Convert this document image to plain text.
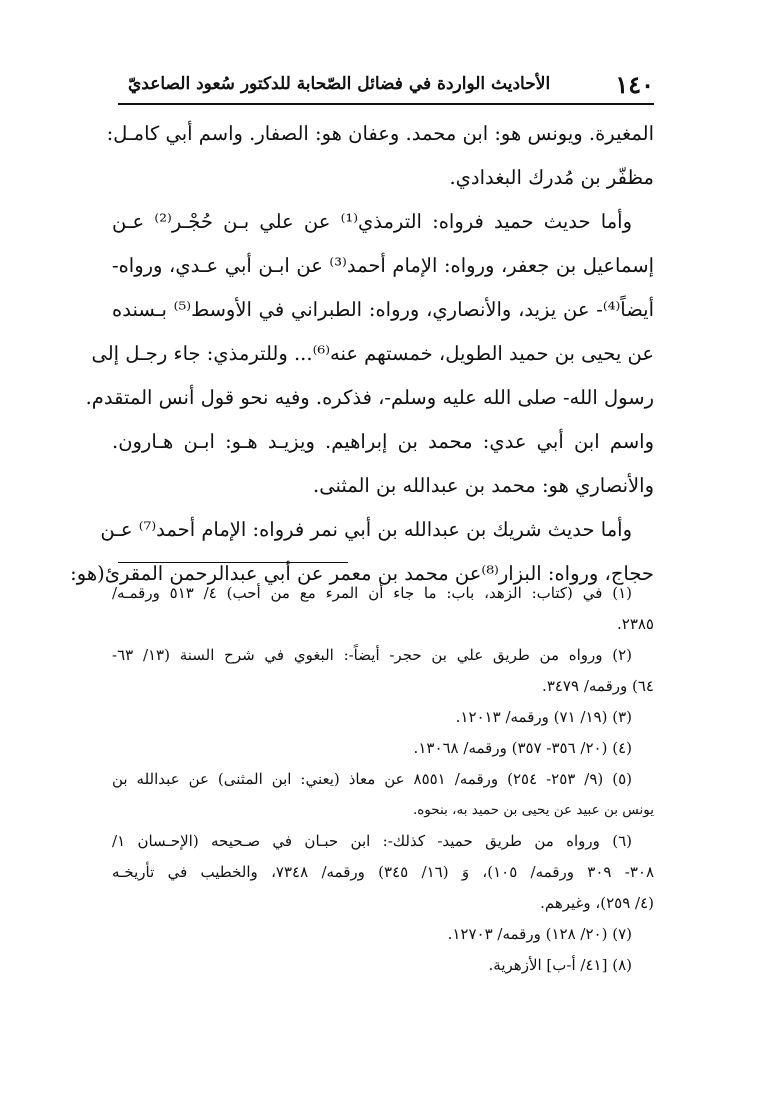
١٤٠
الأحاديث الواردة في فضائل الصّحابة للدكتور سُعود الصاعديّ
المغيرة. ويونس هو: ابن محمد. وعفان هو: الصفار. واسم أبي كامـل:
مظفّر بن مُدرك البغدادي.
وأما حديث حميد فرواه: الترمذي⁽¹⁾ عن علي بـن حُجْـر⁽²⁾ عـن
إسماعيل بن جعفر، ورواه: الإمام أحمد⁽³⁾ عن ابـن أبي عـدي، ورواه-
أيضاً⁽⁴⁾- عن يزيد، والأنصاري، ورواه: الطبراني في الأوسط⁽⁵⁾ بـسنده
عن يحيى بن حميد الطويل، خمستهم عنه⁽⁶⁾... وللترمذي: جاء رجـل إلى
رسول الله- صلى الله عليه وسلم-، فذكره. وفيه نحو قول أنس المتقدم.
واسم ابن أبي عدي: محمد بن إبراهيم. ويزيـد هـو: ابـن هـارون.
والأنصاري هو: محمد بن عبدالله بن المثنى.
وأما حديث شريك بن عبدالله بن أبي نمر فرواه: الإمام أحمد⁽⁷⁾ عـن
حجاج، ورواه: البزار⁽⁸⁾عن محمد بن معمر عن أبي عبدالرحمن المقرئ(هو:
(١) في (كتاب: الزهد، باب: ما جاء أن المرء مع من أحب) ٤/ ٥١٣ ورقمـه/
٢٣٨٥.
(٢) ورواه من طريق علي بن حجر- أيضاً-: البغوي في شرح السنة (١٣/ ٦٣-
٦٤) ورقمه/ ٣٤٧٩.
(٣) (١٩/ ٧١) ورقمه/ ١٢٠١٣.
(٤) (٢٠/ ٣٥٦- ٣٥٧) ورقمه/ ١٣٠٦٨.
(٥) (٩/ ٢٥٣- ٢٥٤) ورقمه/ ٨٥٥١ عن معاذ (يعني: ابن المثنى) عن عبدالله بن
يونس بن عبيد عن يحيى بن حميد به، بنحوه.
(٦) ورواه من طريق حميد- كذلك-: ابن حبـان في صـحيحه (الإحـسان ١/
٣٠٨- ٣٠٩ ورقمه/ ١٠٥)، وَ (١٦/ ٣٤٥) ورقمه/ ٧٣٤٨، والخطيب في تأريخـه
(٤/ ٢٥٩)، وغيرهم.
(٧) (٢٠/ ١٢٨) ورقمه/ ١٢٧٠٣.
(٨) [٤١/ أ-ب] الأزهرية.
